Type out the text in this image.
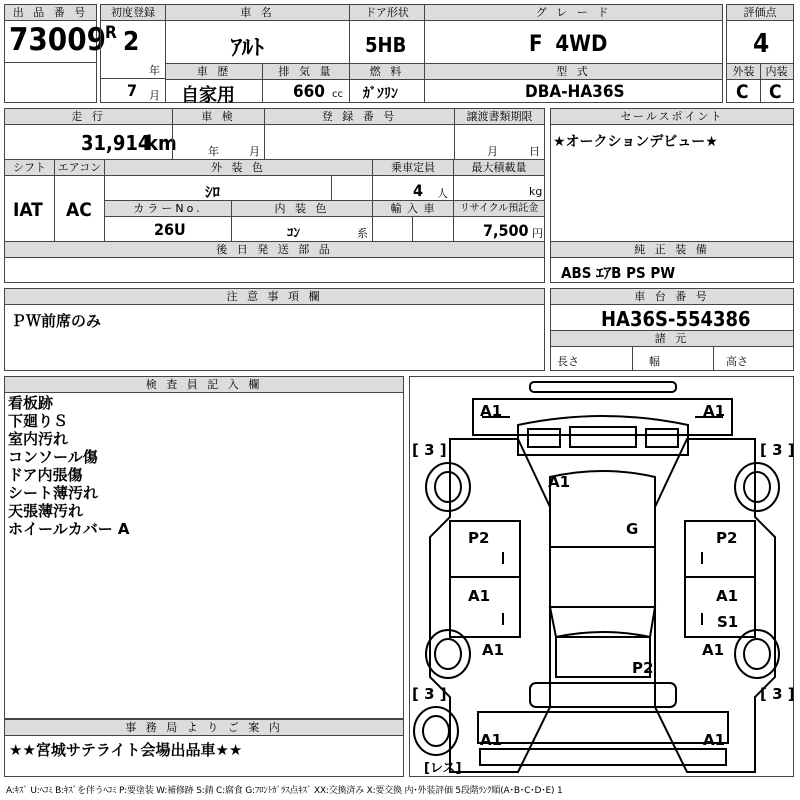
出 品 番 号
73009
初度登録
R 2
年
7 月
車 名
ｱﾙﾄ
ドア形状
5HB
グ レ ー ド
F 4WD
車 歴
自家用
排 気 量
660 cc
燃 料
ｶﾞｿﾘﾝ
型 式
DBA-HA36S
評価点
4
外装	内装
C C
走 行
31,914
km
車 検
年	月
登 録 番 号	譲渡書類期限
月	日
シフト
IAT
エアコン
AC
外 装 色
ｼﾛ
乗車定員
4 人
最大積載量
kg
カラーNo.
26U
内 装 色
ｺﾝ	系
輸 入 車	リサイクル預託金
7,500 円
後 日 発 送 部 品
セールスポイント
★オークションデビュー★
純 正 装 備
ABS ｴｱB PS PW
注 意 事 項 欄
ＰＷ前席のみ
車 台 番 号
HA36S-554386
諸 元
長さ	幅	高さ
検 査 員 記 入 欄
看板跡
下廻りＳ
室内汚れ
コンソール傷
ドア内張傷
シート薄汚れ
天張薄汚れ
ホイールカバー A
事 務 局 よ り ご 案 内
★★宮城サテライト会場出品車★★
[ 3 ]	[ 3 ]
[ 3 ]	[ 3 ]
[レス]
A1	A1
A1
G
P2	P2
A1	A1
S1
A1	A1
P2
A1	A1
A:ｷｽﾞ U:ﾍｺﾐ B:ｷｽﾞを伴うﾍｺﾐ P:要塗装 W:補修跡 S:錆 C:腐食 G:ﾌﾛﾝﾄｶﾞﾗｽ点ｷｽﾞ XX:交換済み X:要交換 内･外装評価 5段階ﾗﾝｸ順(A･B･C･D･E) 1
